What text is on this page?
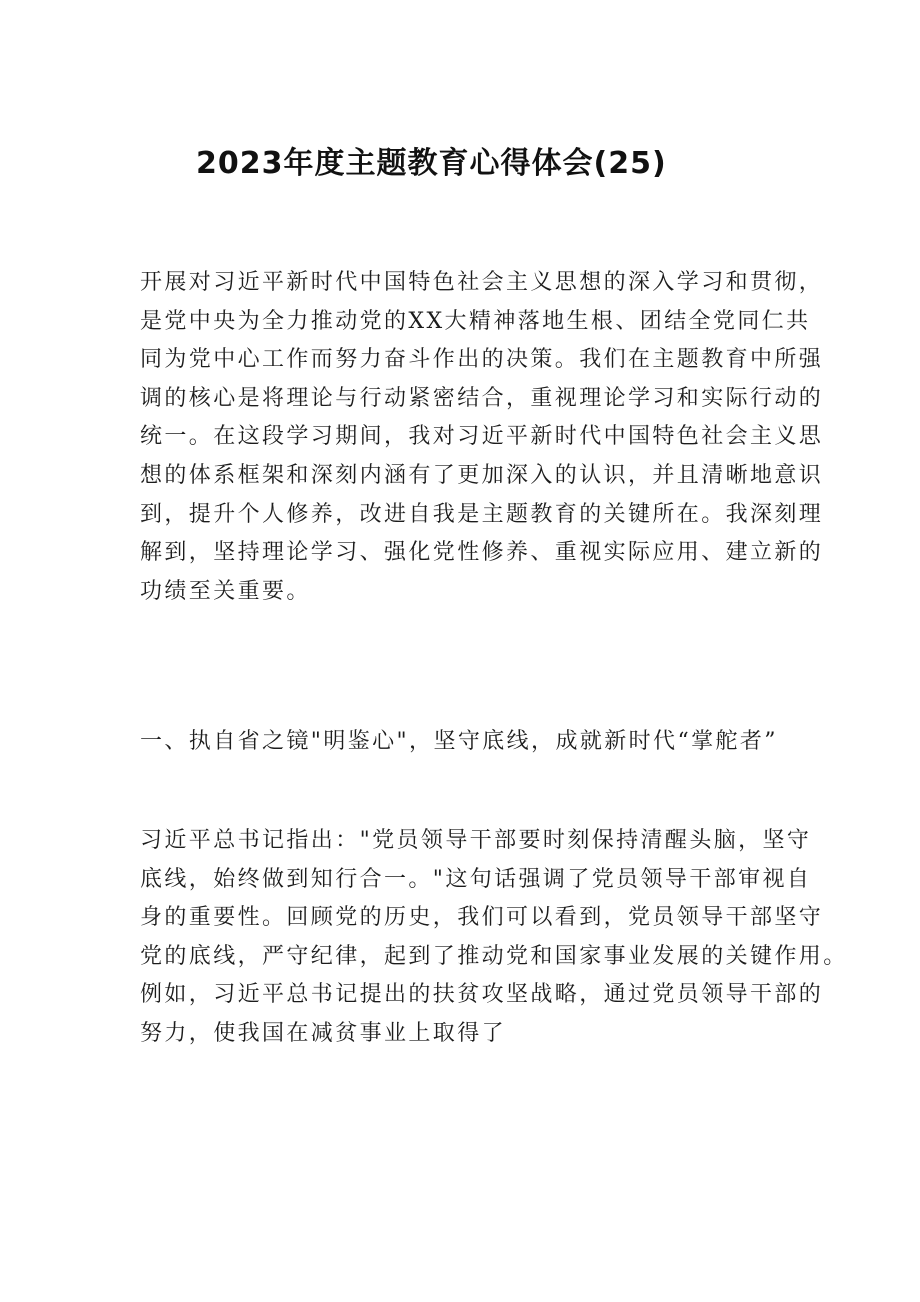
2023年度主题教育心得体会(25)
开展对习近平新时代中国特色社会主义思想的深入学习和贯彻，
是党中央为全力推动党的XX大精神落地生根、团结全党同仁共
同为党中心工作而努力奋斗作出的决策。我们在主题教育中所强
调的核心是将理论与行动紧密结合，重视理论学习和实际行动的
统一。在这段学习期间，我对习近平新时代中国特色社会主义思
想的体系框架和深刻内涵有了更加深入的认识，并且清晰地意识
到，提升个人修养，改进自我是主题教育的关键所在。我深刻理
解到，坚持理论学习、强化党性修养、重视实际应用、建立新的
功绩至关重要。
一、执自省之镜"明鉴心"，坚守底线，成就新时代“掌舵者”
习近平总书记指出："党员领导干部要时刻保持清醒头脑，坚守
底线，始终做到知行合一。"这句话强调了党员领导干部审视自
身的重要性。回顾党的历史，我们可以看到，党员领导干部坚守
党的底线，严守纪律，起到了推动党和国家事业发展的关键作用。
例如，习近平总书记提出的扶贫攻坚战略，通过党员领导干部的
努力，使我国在减贫事业上取得了
